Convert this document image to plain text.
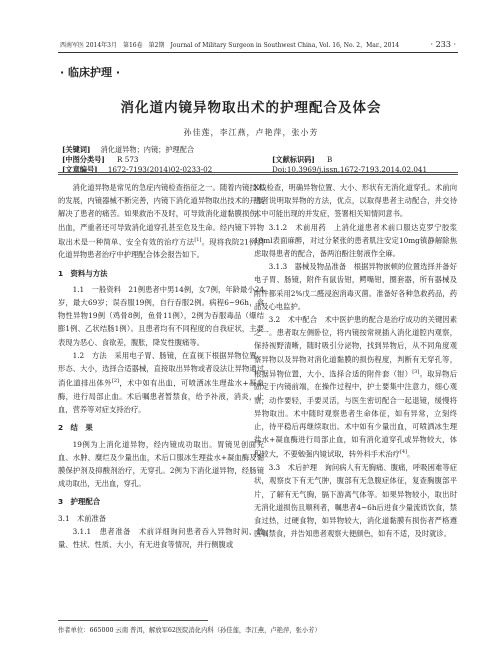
西南军医 2014年3月　第16卷　第2期　Journal of Military Surgeon in Southwest China, Vol. 16, No. 2，Mar., 2014	· 233 ·
· 临床护理 ·
消化道内镜异物取出术的护理配合及体会
孙佳莲，李江燕，卢艳萍，张小芳
[关键词] 消化道异物；内镜；护理配合
[中图分类号] R 573
[文章编号] 1672-7193(2014)02-0233-02
[文献标识码] B
Doi:10.3969/j.issn.1672-7193.2014.02.041

消化道异物是常见的急症内镜检查指征之一。随着内镜技术的发展，内镜器械不断完善，内镜下消化道异物取出技术的开展解决了患者的痛苦。如果救治不及时，可导致消化道黏膜损伤，出血，严重者还可导致消化道穿孔甚至危及生命。经内镜下异物取出术是一种简单、安全有效的治疗方法[1]。现将我院21例消化道异物患者治疗中护理配合体会报告如下。

1　资料与方法

1.1　一般资料　21例患者中男14例，女7例，年龄最小24岁，最大69岁；误吞服19例，自行吞服2例。病程6~96h，食物性异物19例（鸡骨8例，鱼骨11例），2例为吞服毒品（爆结膨1例、乙状结肠1例）。且患者均有不同程度的自我症状，主要表现为恶心、食欲差，腹胀，降发性腹痛等。

1.2　方法　采用电子胃、肠镜，在直视下根据异物位置、形态、大小，选择合适器械，直接取出异物或者设法让异物通过消化道排出体外[2]，术中如有出血，可喷洒冰生理盐水+凝血酶，进行局部止血。术后嘱患者暂禁食，给予补液，消炎，止血，营养等对症支持治疗。

2　结　果

19例为上消化道异物，经内镜成功取出。胃镜见创面充血、水肿、糜烂及少量出血，术后口服冰生理盐水+凝血酶及黏膜保护剂及抑酸剂治疗，无穿孔。2例为下消化道异物，经肠镜成功取出，无出血，穿孔。

3　护理配合
3.1　术前准备

3.1.1　患者准备　术前详细询问患者吞入异物时间、数量、性状、性质、大小，有无进食等情况，并行侧腹或

X线检查，明确异物位置、大小、形状有无消化道穿孔。术前向患者说明取异物的方法，优点，以取得患者主动配合，并交待术中可能出现的并发症，签署相关知情同意书。

3.1.2　术前用药　上消化道患者术前口服达克罗宁胶浆10ml表面麻醉，对过分紧张的患者肌注安定10mg镇静解除焦虑取得患者的配合，备两泊酚注射液作全麻。

3.1.3　器械及物品准备　根据异物嵌顿的位置选择并备好电子胃、肠镜，附件有鼠齿钳，鳄嘴钳，圈套器，所有器械及附件都采用2%戊二醛浸泡消毒灭菌。准备好各种急救药品，药品及心电监护。

3.2　术中配合　术中医护患的配合是治疗成功的关键因素之一。患者取左侧卧位，将内镜按常规插入消化道腔内观察，保持视野清晰，随时吸引分泌物，找到异物后，从不同角度观察异物以及异物对消化道黏膜的损伤程度，判断有无穿孔等，根据异物位置，大小，选择合适的附件套（钳）[3]。取异物后固定于内镜前端，在操作过程中，护士要集中注意力，细心观察，动作要轻，手要灵活，与医生密切配合一起退镜，缓慢将异物取出。术中随时观察患者生命体征，如有异常，立刻终止，待平稳后再继续取出。术中如有少量出血，可喷洒冰生理盐水+凝血酶进行局部止血，如有消化道穿孔或异物较大，体积较大，不要勉强内镜试取，转外科手术治疗[4]。

3.3　术后护理　询问病人有无胸痛、腹痛，呼吸困难等症状，观察皮下有无气肿，腹部有无急腹症体征，复查胸腹部平片，了解有无气胸，膈下游离气体等。如果异物较小，取出时无消化道损伤且顺利者，嘱患者4~6h后进食少量流质饮食，禁食过热，过硬食物，如异物较大，消化道黏膜有损伤者严格遵医嘱禁食，并告知患者观察大便颜色，如有不适，及时就诊。

作者单位：665000 云南 普洱，解放军62医院消化内科（孙佳莲，李江燕，卢艳萍，张小芳）
